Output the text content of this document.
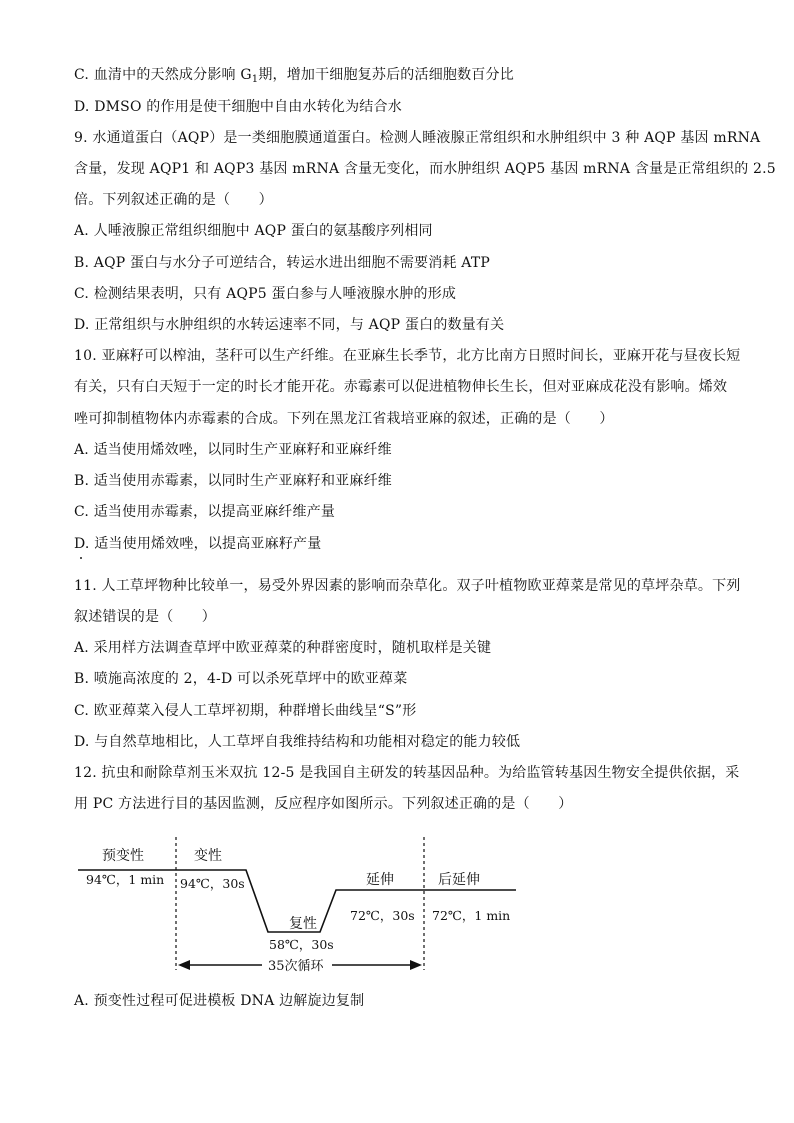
C. 血清中的天然成分影响 $G_1$期，增加干细胞复苏后的活细胞数百分比
D. DMSO 的作用是使干细胞中自由水转化为结合水
9. 水通道蛋白（AQP）是一类细胞膜通道蛋白。检测人睡液腺正常组织和水肿组织中 3 种 AQP 基因 mRNA
含量，发现 AQP1 和 AQP3 基因 mRNA 含量无变化，而水肿组织 AQP5 基因 mRNA 含量是正常组织的 2.5
倍。下列叙述正确的是（　　）
A. 人唾液腺正常组织细胞中 AQP 蛋白的氨基酸序列相同
B. AQP 蛋白与水分子可逆结合，转运水进出细胞不需要消耗 ATP
C. 检测结果表明，只有 AQP5 蛋白参与人唾液腺水肿的形成
D. 正常组织与水肿组织的水转运速率不同，与 AQP 蛋白的数量有关
10. 亚麻籽可以榨油，茎秆可以生产纤维。在亚麻生长季节，北方比南方日照时间长，亚麻开花与昼夜长短
有关，只有白天短于一定的时长才能开花。赤霉素可以促进植物伸长生长，但对亚麻成花没有影响。烯效
唑可抑制植物体内赤霉素的合成。下列在黑龙江省栽培亚麻的叙述，正确的是（　　）
A. 适当使用烯效唑，以同时生产亚麻籽和亚麻纤维
B. 适当使用赤霉素，以同时生产亚麻籽和亚麻纤维
C. 适当使用赤霉素，以提高亚麻纤维产量
D. 适当使用烯效唑，以提高亚麻籽产量
11. 人工草坪物种比较单一，易受外界因素的影响而杂草化。双子叶植物欧亚蔊菜是常见的草坪杂草。下列
叙述错误的是（　　）
A. 采用样方法调查草坪中欧亚蔊菜的种群密度时，随机取样是关键
B. 喷施高浓度的 2，4-D 可以杀死草坪中的欧亚蔊菜
C. 欧亚蔊菜入侵人工草坪初期，种群增长曲线呈“S”形
D. 与自然草地相比，人工草坪自我维持结构和功能相对稳定的能力较低
12. 抗虫和耐除草剂玉米双抗 12-5 是我国自主研发的转基因品种。为给监管转基因生物安全提供依据，采
用 PC 方法进行目的基因监测，反应程序如图所示。下列叙述正确的是（　　）
预变性	变性
复性
延伸	后延伸
94℃，1 min 94℃，30s
58℃，30s
72℃，30s 72℃，1 min
35次循环
A. 预变性过程可促进模板 DNA 边解旋边复制
